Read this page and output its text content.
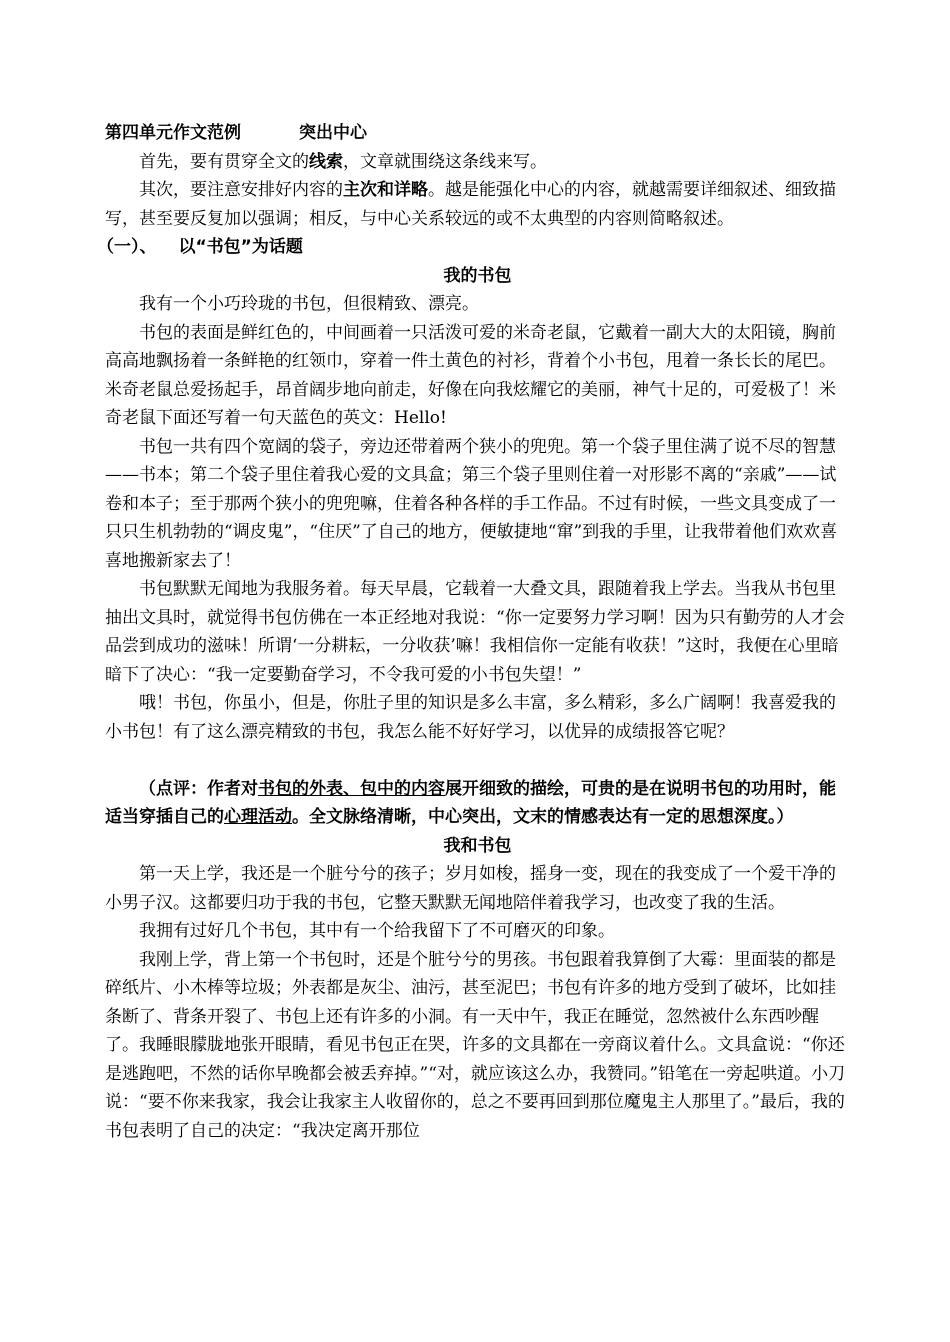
第四单元作文范例	突出中心

首先，要有贯穿全文的线索，文章就围绕这条线来写。

其次，要注意安排好内容的主次和详略。越是能强化中心的内容，就越需要详细叙述、细致描写，甚至要反复加以强调；相反，与中心关系较远的或不太典型的内容则简略叙述。

（一）、 以“书包”为话题

我的书包

我有一个小巧玲珑的书包，但很精致、漂亮。

书包的表面是鲜红色的，中间画着一只活泼可爱的米奇老鼠，它戴着一副大大的太阳镜，胸前高高地飘扬着一条鲜艳的红领巾，穿着一件土黄色的衬衫，背着个小书包，甩着一条长长的尾巴。米奇老鼠总爱扬起手，昂首阔步地向前走，好像在向我炫耀它的美丽，神气十足的，可爱极了！米奇老鼠下面还写着一句天蓝色的英文：Hello!

书包一共有四个宽阔的袋子，旁边还带着两个狭小的兜兜。第一个袋子里住满了说不尽的智慧——书本；第二个袋子里住着我心爱的文具盒；第三个袋子里则住着一对形影不离的“亲戚”——试卷和本子；至于那两个狭小的兜兜嘛，住着各种各样的手工作品。不过有时候，一些文具变成了一只只生机勃勃的“调皮鬼”，“住厌”了自己的地方，便敏捷地“窜”到我的手里，让我带着他们欢欢喜喜地搬新家去了！

书包默默无闻地为我服务着。每天早晨，它载着一大叠文具，跟随着我上学去。当我从书包里抽出文具时，就觉得书包仿佛在一本正经地对我说：“你一定要努力学习啊！因为只有勤劳的人才会品尝到成功的滋味！所谓‘一分耕耘，一分收获’嘛！我相信你一定能有收获！”这时，我便在心里暗暗下了决心：“我一定要勤奋学习，不令我可爱的小书包失望！”

哦！书包，你虽小，但是，你肚子里的知识是多么丰富，多么精彩，多么广阔啊！我喜爱我的小书包！有了这么漂亮精致的书包，我怎么能不好好学习，以优异的成绩报答它呢？

（点评：作者对书包的外表、包中的内容展开细致的描绘，可贵的是在说明书包的功用时，能适当穿插自己的心理活动。全文脉络清晰，中心突出，文末的情感表达有一定的思想深度。）

我和书包

第一天上学，我还是一个脏兮兮的孩子；岁月如梭，摇身一变，现在的我变成了一个爱干净的小男子汉。这都要归功于我的书包，它整天默默无闻地陪伴着我学习，也改变了我的生活。

我拥有过好几个书包，其中有一个给我留下了不可磨灭的印象。

我刚上学，背上第一个书包时，还是个脏兮兮的男孩。书包跟着我算倒了大霉：里面装的都是碎纸片、小木棒等垃圾；外表都是灰尘、油污，甚至泥巴；书包有许多的地方受到了破坏，比如挂条断了、背条开裂了、书包上还有许多的小洞。有一天中午，我正在睡觉，忽然被什么东西吵醒了。我睡眼朦胧地张开眼睛，看见书包正在哭，许多的文具都在一旁商议着什么。文具盒说：“你还是逃跑吧，不然的话你早晚都会被丢弃掉。”“对，就应该这么办，我赞同。”铅笔在一旁起哄道。小刀说：“要不你来我家，我会让我家主人收留你的，总之不要再回到那位魔鬼主人那里了。”最后，我的书包表明了自己的决定：“我决定离开那位
